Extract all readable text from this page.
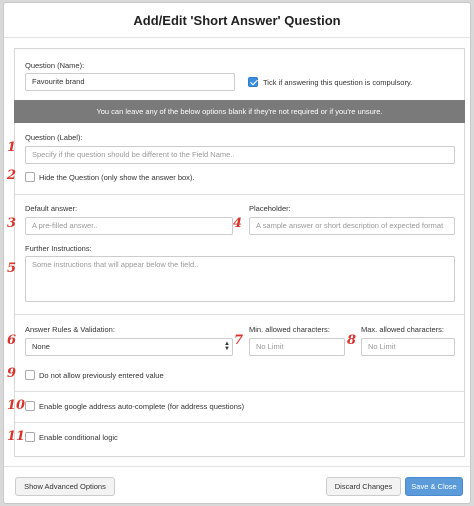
Add/Edit 'Short Answer' Question
Question (Name):
Favourite brand	Tick if answering this question is compulsory.
You can leave any of the below options blank if they're not required or if you're unsure.
1
Question (Label):
Specify if the question should be different to the Field Name..
2	Hide the Question (only show the answer box).
Default answer:
3	A pre-filled answer..
Placeholder:
4	A sample answer or short description of expected format
Further Instructions:
5	Some instructions that will appear below the field..
Answer Rules & Validation:
6	None	▲
▼
7
Min. allowed characters:
No Limit	8
Max. allowed characters:
No Limit
9	Do not allow previously entered value
10 Enable google address auto-complete (for address questions)
11 Enable conditional logic
Show Advanced Options	Discard Changes	Save & Close
